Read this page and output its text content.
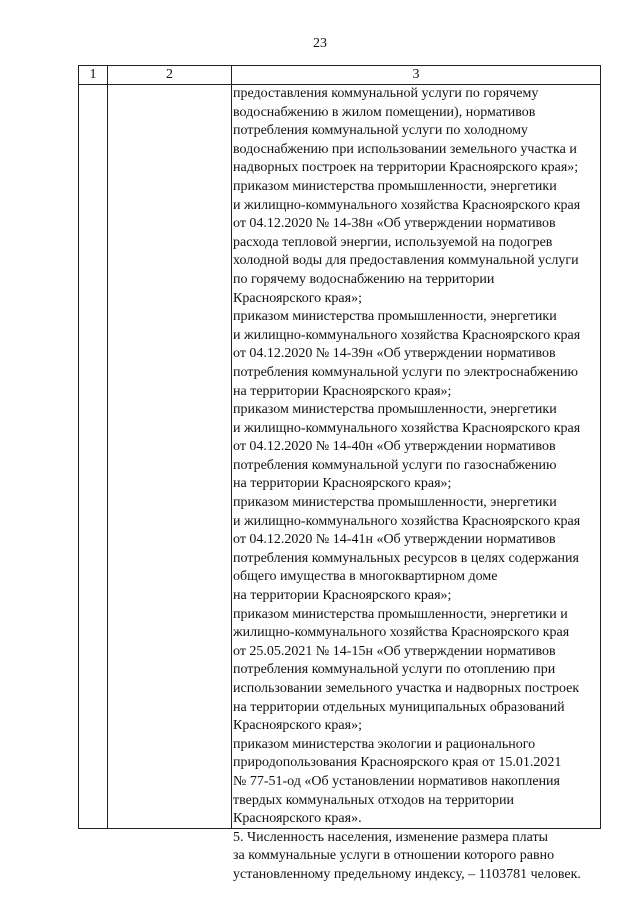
23
1	2	3
предоставления коммунальной услуги по горячему
водоснабжению в жилом помещении), нормативов
потребления коммунальной услуги по холодному
водоснабжению при использовании земельного участка и
надворных построек на территории Красноярского края»;
приказом министерства промышленности, энергетики
и жилищно-коммунального хозяйства Красноярского края
от 04.12.2020 № 14-38н «Об утверждении нормативов
расхода тепловой энергии, используемой на подогрев
холодной воды для предоставления коммунальной услуги
по горячему водоснабжению на территории
Красноярского края»;
приказом министерства промышленности, энергетики
и жилищно-коммунального хозяйства Красноярского края
от 04.12.2020 № 14-39н «Об утверждении нормативов
потребления коммунальной услуги по электроснабжению
на территории Красноярского края»;
приказом министерства промышленности, энергетики
и жилищно-коммунального хозяйства Красноярского края
от 04.12.2020 № 14-40н «Об утверждении нормативов
потребления коммунальной услуги по газоснабжению
на территории Красноярского края»;
приказом министерства промышленности, энергетики
и жилищно-коммунального хозяйства Красноярского края
от 04.12.2020 № 14-41н «Об утверждении нормативов
потребления коммунальных ресурсов в целях содержания
общего имущества в многоквартирном доме
на территории Красноярского края»;
приказом министерства промышленности, энергетики и
жилищно-коммунального хозяйства Красноярского края
от 25.05.2021 № 14-15н «Об утверждении нормативов
потребления коммунальной услуги по отоплению при
использовании земельного участка и надворных построек
на территории отдельных муниципальных образований
Красноярского края»;
приказом министерства экологии и рационального
природопользования Красноярского края от 15.01.2021
№ 77-51-од «Об установлении нормативов накопления
твердых коммунальных отходов на территории
Красноярского края».
5. Численность населения, изменение размера платы
за коммунальные услуги в отношении которого равно
установленному предельному индексу, – 1103781 человек.
